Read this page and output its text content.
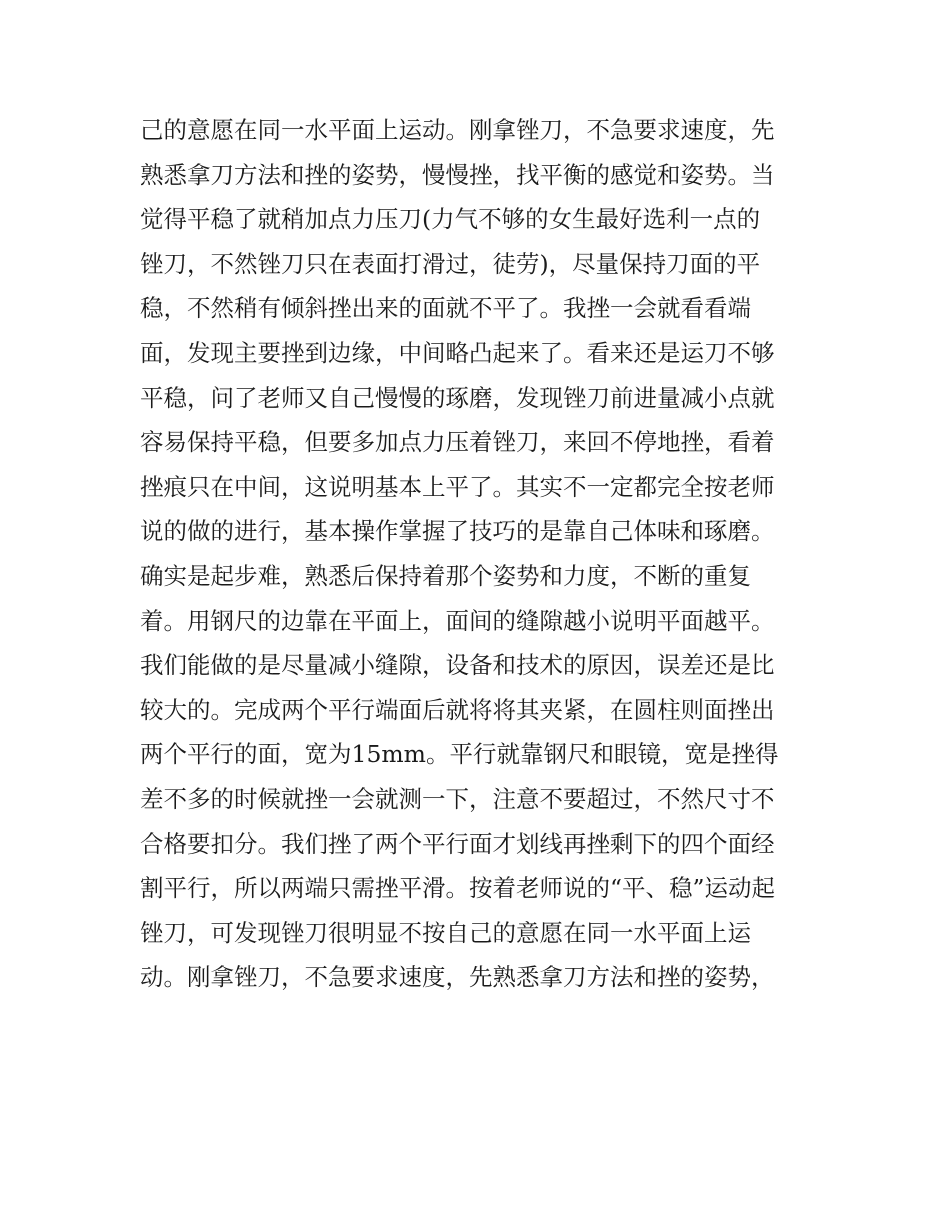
己的意愿在同一水平面上运动。刚拿锉刀，不急要求速度，先
熟悉拿刀方法和挫的姿势，慢慢挫，找平衡的感觉和姿势。当
觉得平稳了就稍加点力压刀(力气不够的女生最好选利一点的
锉刀，不然锉刀只在表面打滑过，徒劳)，尽量保持刀面的平
稳，不然稍有倾斜挫出来的面就不平了。我挫一会就看看端
面，发现主要挫到边缘，中间略凸起来了。看来还是运刀不够
平稳，问了老师又自己慢慢的琢磨，发现锉刀前进量减小点就
容易保持平稳，但要多加点力压着锉刀，来回不停地挫，看着
挫痕只在中间，这说明基本上平了。其实不一定都完全按老师
说的做的进行，基本操作掌握了技巧的是靠自己体味和琢磨。
确实是起步难，熟悉后保持着那个姿势和力度，不断的重复
着。用钢尺的边靠在平面上，面间的缝隙越小说明平面越平。
我们能做的是尽量减小缝隙，设备和技术的原因，误差还是比
较大的。完成两个平行端面后就将将其夹紧，在圆柱则面挫出
两个平行的面，宽为15mm。平行就靠钢尺和眼镜，宽是挫得
差不多的时候就挫一会就测一下，注意不要超过，不然尺寸不
合格要扣分。我们挫了两个平行面才划线再挫剩下的四个面经
割平行，所以两端只需挫平滑。按着老师说的“平、稳”运动起
锉刀，可发现锉刀很明显不按自己的意愿在同一水平面上运
动。刚拿锉刀，不急要求速度，先熟悉拿刀方法和挫的姿势，
